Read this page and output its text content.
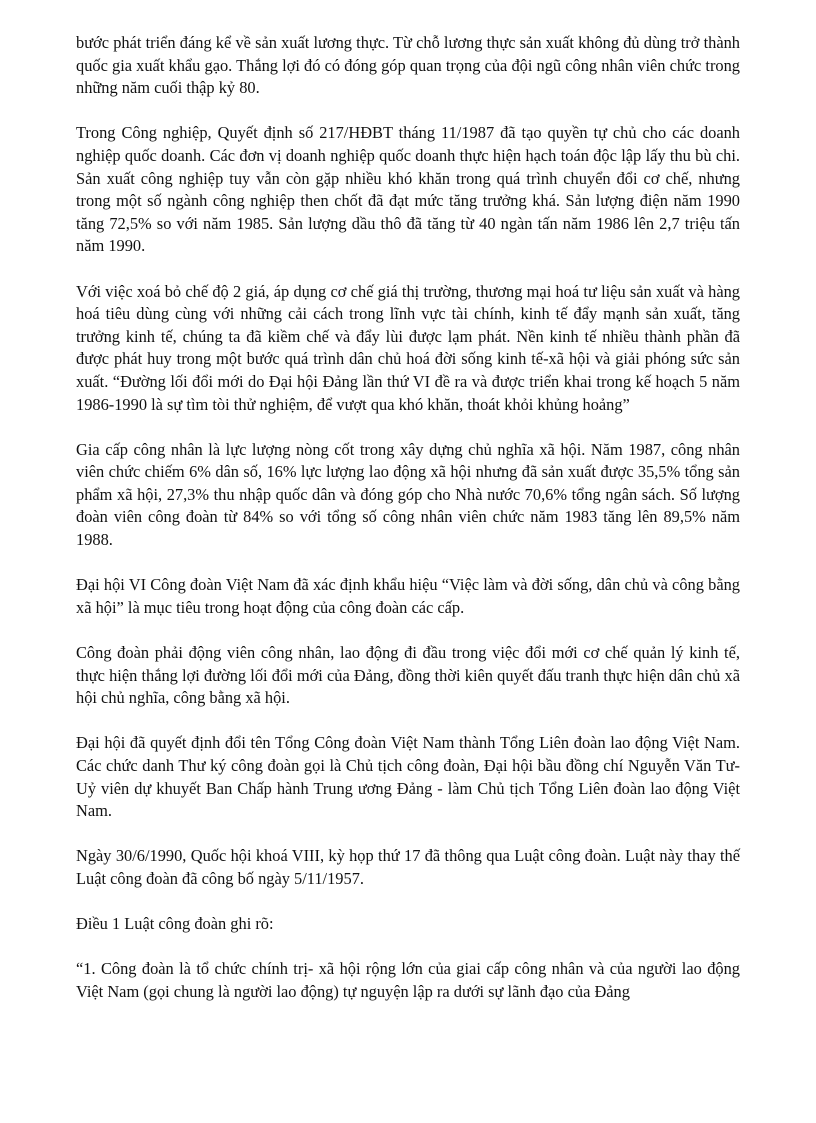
bước phát triển đáng kể về sản xuất lương thực. Từ chỗ lương thực sản xuất không đủ dùng trở thành quốc gia xuất khẩu gạo. Thắng lợi đó có đóng góp quan trọng của đội ngũ công nhân viên chức trong những năm cuối thập kỷ 80.

Trong Công nghiệp, Quyết định số 217/HĐBT tháng 11/1987 đã tạo quyền tự chủ cho các doanh nghiệp quốc doanh. Các đơn vị doanh nghiệp quốc doanh thực hiện hạch toán độc lập lấy thu bù chi. Sản xuất công nghiệp tuy vẫn còn gặp nhiều khó khăn trong quá trình chuyển đổi cơ chế, nhưng trong một số ngành công nghiệp then chốt đã đạt mức tăng trưởng khá. Sản lượng điện năm 1990 tăng 72,5% so với năm 1985. Sản lượng dầu thô đã tăng từ 40 ngàn tấn năm 1986 lên 2,7 triệu tấn năm 1990.

Với việc xoá bỏ chế độ 2 giá, áp dụng cơ chế giá thị trường, thương mại hoá tư liệu sản xuất và hàng hoá tiêu dùng cùng với những cải cách trong lĩnh vực tài chính, kinh tế đẩy mạnh sản xuất, tăng trưởng kinh tế, chúng ta đã kiềm chế và đẩy lùi được lạm phát. Nền kinh tế nhiều thành phần đã được phát huy trong một bước quá trình dân chủ hoá đời sống kinh tế-xã hội và giải phóng sức sản xuất. “Đường lối đổi mới do Đại hội Đảng lần thứ VI đề ra và được triển khai trong kế hoạch 5 năm 1986-1990 là sự tìm tòi thử nghiệm, để vượt qua khó khăn, thoát khỏi khủng hoảng”

Gia cấp công nhân là lực lượng nòng cốt trong xây dựng chủ nghĩa xã hội. Năm 1987, công nhân viên chức chiếm 6% dân số, 16% lực lượng lao động xã hội nhưng đã sản xuất được 35,5% tổng sản phẩm xã hội, 27,3% thu nhập quốc dân và đóng góp cho Nhà nước 70,6% tổng ngân sách. Số lượng đoàn viên công đoàn từ 84% so với tổng số công nhân viên chức năm 1983 tăng lên 89,5% năm 1988.

Đại hội VI Công đoàn Việt Nam đã xác định khẩu hiệu “Việc làm và đời sống, dân chủ và công bằng xã hội” là mục tiêu trong hoạt động của công đoàn các cấp.

Công đoàn phải động viên công nhân, lao động đi đầu trong việc đổi mới cơ chế quản lý kinh tế, thực hiện thắng lợi đường lối đổi mới của Đảng, đồng thời kiên quyết đấu tranh thực hiện dân chủ xã hội chủ nghĩa, công bằng xã hội.

Đại hội đã quyết định đổi tên Tổng Công đoàn Việt Nam thành Tổng Liên đoàn lao động Việt Nam. Các chức danh Thư ký công đoàn gọi là Chủ tịch công đoàn, Đại hội bầu đồng chí Nguyễn Văn Tư- Uỷ viên dự khuyết Ban Chấp hành Trung ương Đảng - làm Chủ tịch Tổng Liên đoàn lao động Việt Nam.

Ngày 30/6/1990, Quốc hội khoá VIII, kỳ họp thứ 17 đã thông qua Luật công đoàn. Luật này thay thế Luật công đoàn đã công bố ngày 5/11/1957.

Điều 1 Luật công đoàn ghi rõ:

“1. Công đoàn là tổ chức chính trị- xã hội rộng lớn của giai cấp công nhân và của người lao động Việt Nam (gọi chung là người lao động) tự nguyện lập ra dưới sự lãnh đạo của Đảng
